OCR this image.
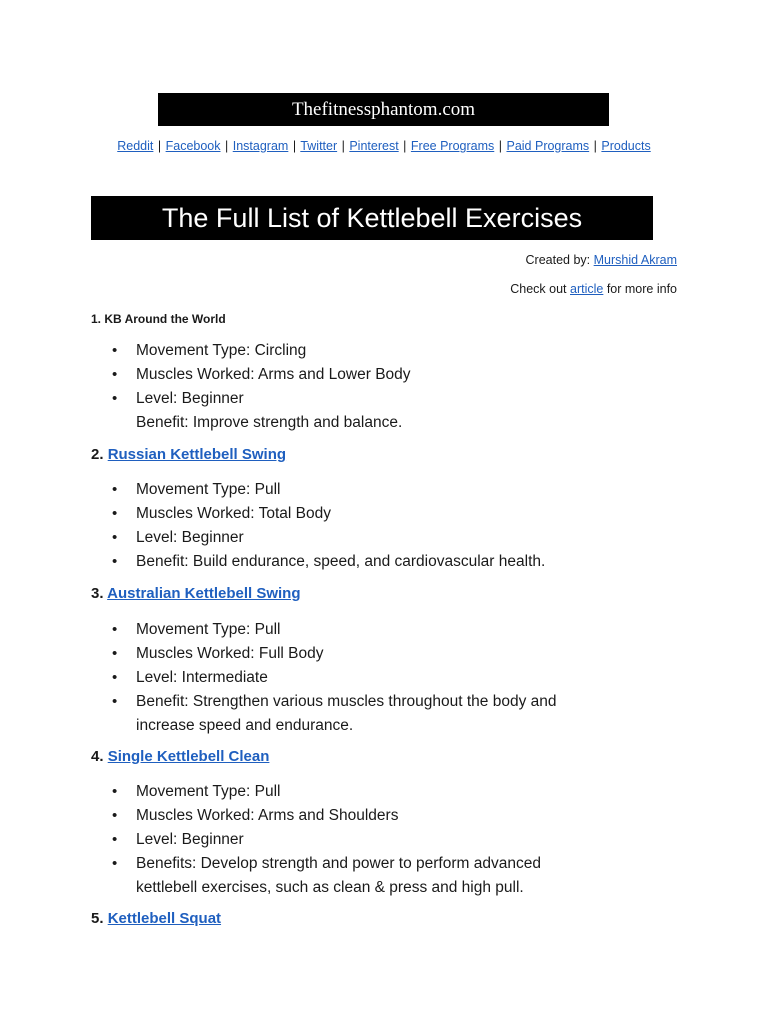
Thefitnessphantom.com
Reddit | Facebook | Instagram | Twitter | Pinterest | Free Programs | Paid Programs | Products
The Full List of Kettlebell Exercises
Created by: Murshid Akram
Check out article for more info
1. KB Around the World
• Movement Type: Circling
• Muscles Worked: Arms and Lower Body
• Level: Beginner
Benefit: Improve strength and balance.
2. Russian Kettlebell Swing
• Movement Type: Pull
• Muscles Worked: Total Body
• Level: Beginner
• Benefit: Build endurance, speed, and cardiovascular health.
3. Australian Kettlebell Swing
• Movement Type: Pull
• Muscles Worked: Full Body
• Level: Intermediate
• Benefit: Strengthen various muscles throughout the body and increase speed and endurance.
4. Single Kettlebell Clean
• Movement Type: Pull
• Muscles Worked: Arms and Shoulders
• Level: Beginner
• Benefits: Develop strength and power to perform advanced kettlebell exercises, such as clean & press and high pull.
5. Kettlebell Squat
